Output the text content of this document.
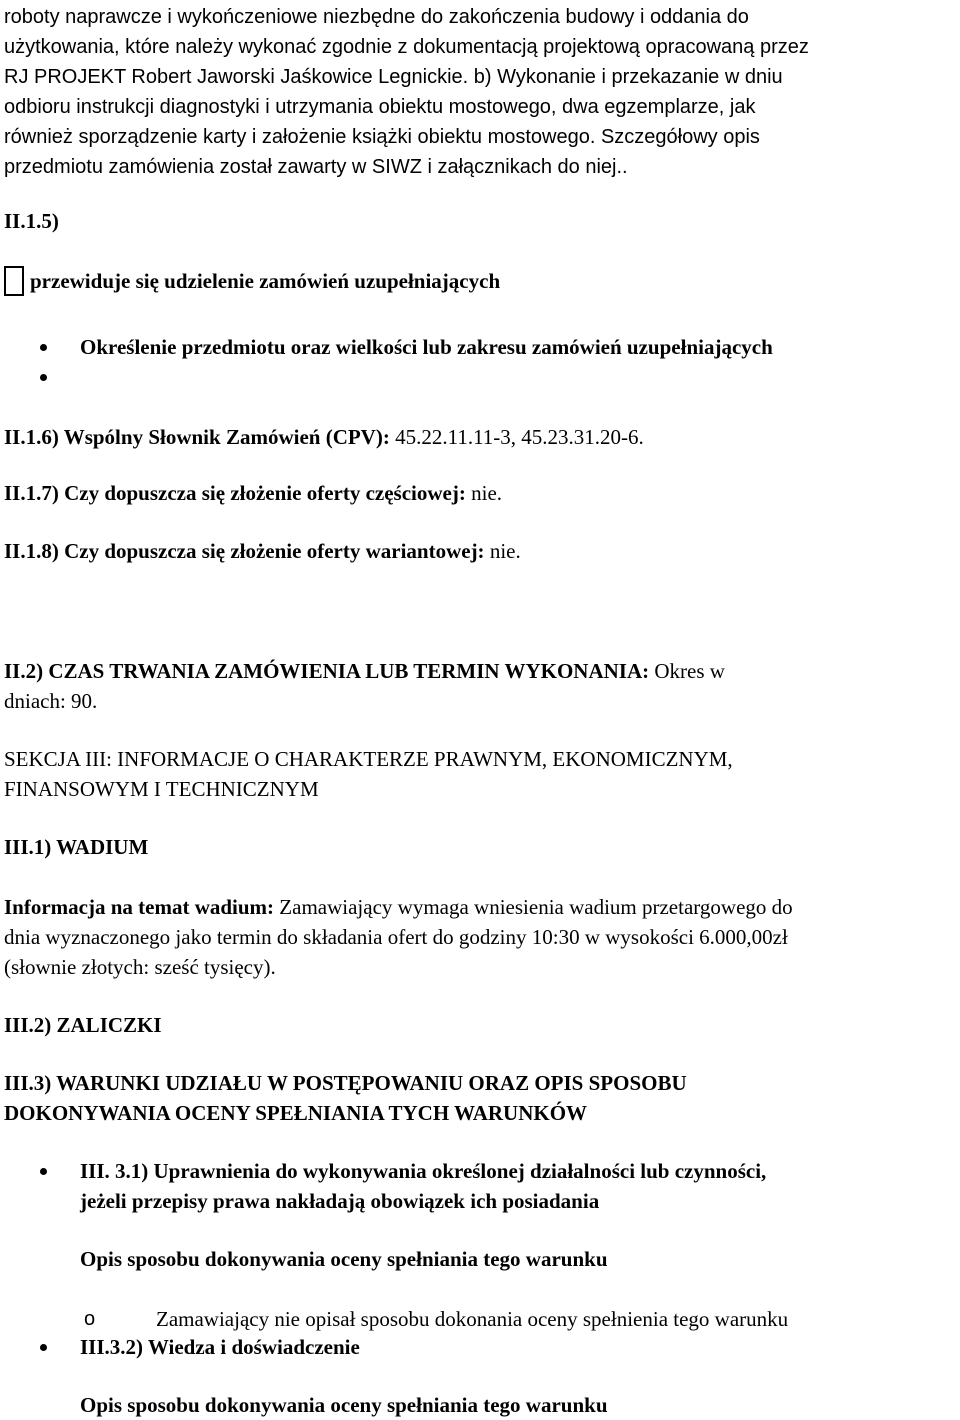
roboty naprawcze i wykończeniowe niezbędne do zakończenia budowy i oddania do
użytkowania, które należy wykonać zgodnie z dokumentacją projektową opracowaną przez
RJ PROJEKT Robert Jaworski Jaśkowice Legnickie. b) Wykonanie i przekazanie w dniu
odbioru instrukcji diagnostyki i utrzymania obiektu mostowego, dwa egzemplarze, jak
również sporządzenie karty i założenie książki obiektu mostowego. Szczegółowy opis
przedmiotu zamówienia został zawarty w SIWZ i załącznikach do niej..
II.1.5)
przewiduje się udzielenie zamówień uzupełniających
Określenie przedmiotu oraz wielkości lub zakresu zamówień uzupełniających
II.1.6) Wspólny Słownik Zamówień (CPV): 45.22.11.11-3, 45.23.31.20-6.
II.1.7) Czy dopuszcza się złożenie oferty częściowej: nie.
II.1.8) Czy dopuszcza się złożenie oferty wariantowej: nie.
II.2) CZAS TRWANIA ZAMÓWIENIA LUB TERMIN WYKONANIA: Okres w
dniach: 90.
SEKCJA III: INFORMACJE O CHARAKTERZE PRAWNYM, EKONOMICZNYM,
FINANSOWYM I TECHNICZNYM
III.1) WADIUM
Informacja na temat wadium: Zamawiający wymaga wniesienia wadium przetargowego do
dnia wyznaczonego jako termin do składania ofert do godziny 10:30 w wysokości 6.000,00zł
(słownie złotych: sześć tysięcy).
III.2) ZALICZKI
III.3) WARUNKI UDZIAŁU W POSTĘPOWANIU ORAZ OPIS SPOSOBU
DOKONYWANIA OCENY SPEŁNIANIA TYCH WARUNKÓW
III. 3.1) Uprawnienia do wykonywania określonej działalności lub czynności,
jeżeli przepisy prawa nakładają obowiązek ich posiadania
Opis sposobu dokonywania oceny spełniania tego warunku
o	Zamawiający nie opisał sposobu dokonania oceny spełnienia tego warunku
III.3.2) Wiedza i doświadczenie
Opis sposobu dokonywania oceny spełniania tego warunku
